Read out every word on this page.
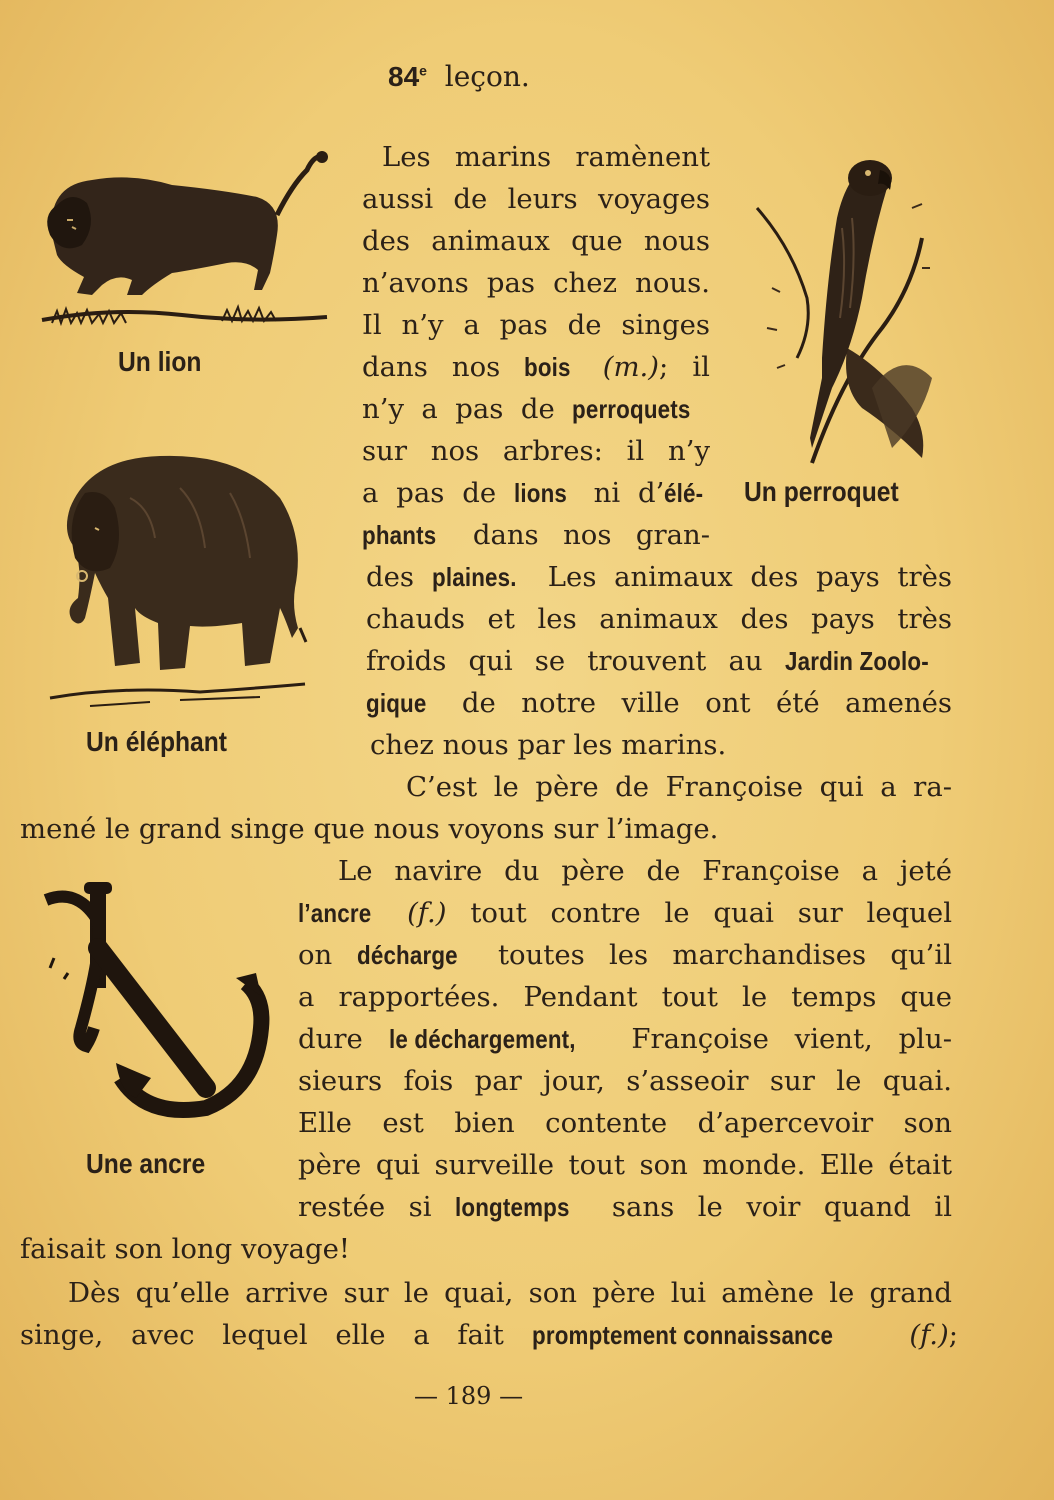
84e leçon.
Un lion
Un perroquet
Un éléphant
Une ancre
Les marins ramènent
aussi de leurs voyages
des animaux que nous
n’avons pas chez nous.
Il n’y a pas de singes
dans nos bois (m.); il
n’y a pas de perroquets
sur nos arbres: il n’y
a pas de lions ni d’élé-
phants dans nos gran-
des plaines. Les animaux des pays très
chauds et les animaux des pays très
froids qui se trouvent au Jardin Zoolo-
gique de notre ville ont été amenés
chez nous par les marins.
C’est le père de Françoise qui a ra-
mené le grand singe que nous voyons sur l’image.
Le navire du père de Françoise a jeté
l’ancre (f.) tout contre le quai sur lequel
on décharge toutes les marchandises qu’il
a rapportées. Pendant tout le temps que
dure le déchargement, Françoise vient, plu-
sieurs fois par jour, s’asseoir sur le quai.
Elle est bien contente d’apercevoir son
père qui surveille tout son monde. Elle était
restée si longtemps sans le voir quand il
faisait son long voyage!
Dès qu’elle arrive sur le quai, son père lui amène le grand
singe, avec lequel elle a fait promptement connaissance	(f.);
— 189 —
